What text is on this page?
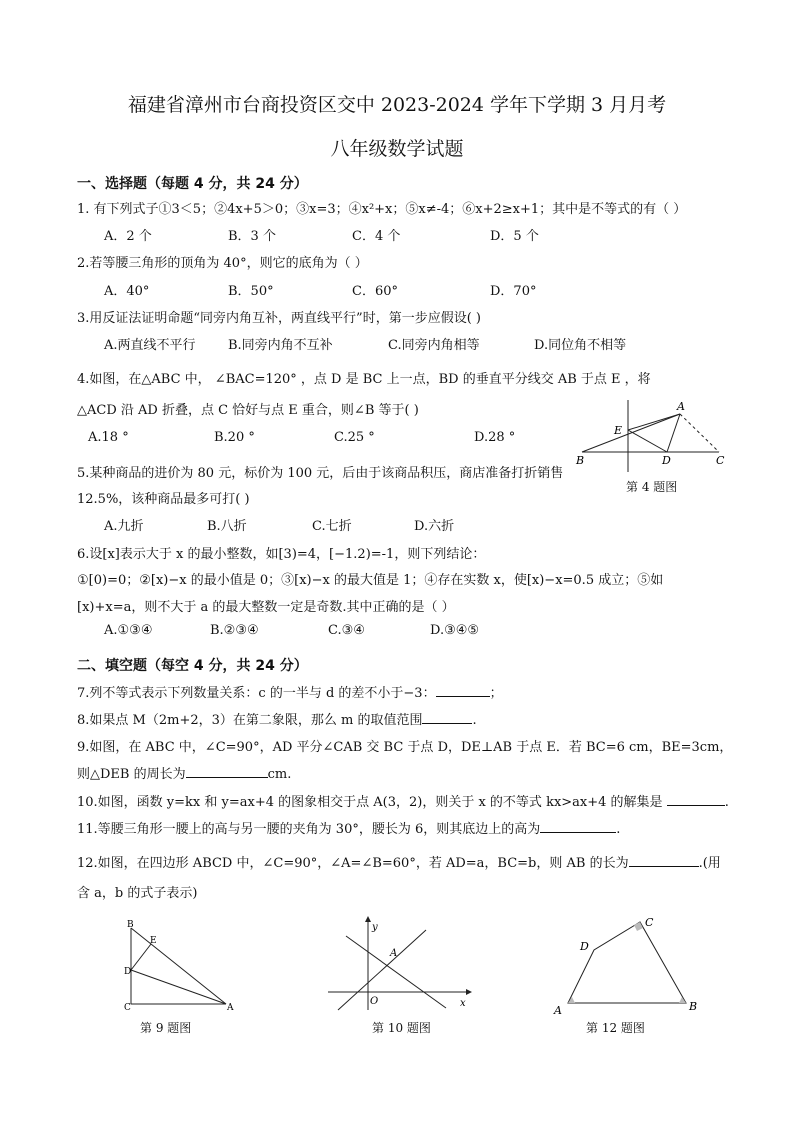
福建省漳州市台商投资区交中 2023-2024 学年下学期 3 月月考
八年级数学试题
一、选择题（每题 4 分，共 24 分）
1. 有下列式子①3＜5；②4x+5＞0；③x=3；④x²+x；⑤x≠-4；⑥x+2≥x+1；其中是不等式的有（ ）
A．2 个	B．3 个	C．4 个	D．5 个
2.若等腰三角形的顶角为 40°，则它的底角为（ ）
A．40°	B．50°	C．60°	D．70°
3.用反证法证明命题“同旁内角互补，两直线平行”时，第一步应假设( )
A.两直线不平行 B.同旁内角不互补	C.同旁内角相等	D.同位角不相等
4.如图，在△ABC 中， ∠BAC=120° ，点 D 是 BC 上一点，BD 的垂直平分线交 AB 于点 E ，将
△ACD 沿 AD 折叠，点 C 恰好与点 E 重合，则∠B 等于( )
A.18 °	B.20 °	C.25 °	D.28 °
A
B	C
D
E
第 4 题图
5.某种商品的进价为 80 元，标价为 100 元，后由于该商品积压，商店准备打折销售
12.5%，该种商品最多可打( )
A.九折	B.八折	C.七折	D.六折
6.设[x]表示大于 x 的最小整数，如[3)=4，[−1.2)=-1，则下列结论：
①[0)=0；②[x)−x 的最小值是 0；③[x)−x 的最大值是 1；④存在实数 x，使[x)−x=0.5 成立；⑤如
[x)+x=a，则不大于 a 的最大整数一定是奇数.其中正确的是（ ）
A.①③④	B.②③④	C.③④	D.③④⑤
二、填空题（每空 4 分，共 24 分）
7.列不等式表示下列数量关系：c 的一半与 d 的差不小于−3：	；
8.如果点 M（2m+2，3）在第二象限，那么 m 的取值范围	.
9.如图，在 ABC 中，∠C=90°，AD 平分∠CAB 交 BC 于点 D，DE⊥AB 于点 E．若 BC=6 cm，BE=3cm，
则△DEB 的周长为	cm.
10.如图，函数 y=kx 和 y=ax+4 的图象相交于点 A(3，2)，则关于 x 的不等式 kx>ax+4 的解集是	.
11.等腰三角形一腰上的高与另一腰的夹角为 30°，腰长为 6，则其底边上的高为	.
12.如图，在四边形 ABCD 中，∠C=90°，∠A=∠B=60°，若 AD=a，BC=b，则 AB 的长为	.(用
含 a，b 的式子表示)
B
E
D
C	A
第 9 题图
y
A
O	x
第 10 题图
A	B
C
D
第 12 题图
